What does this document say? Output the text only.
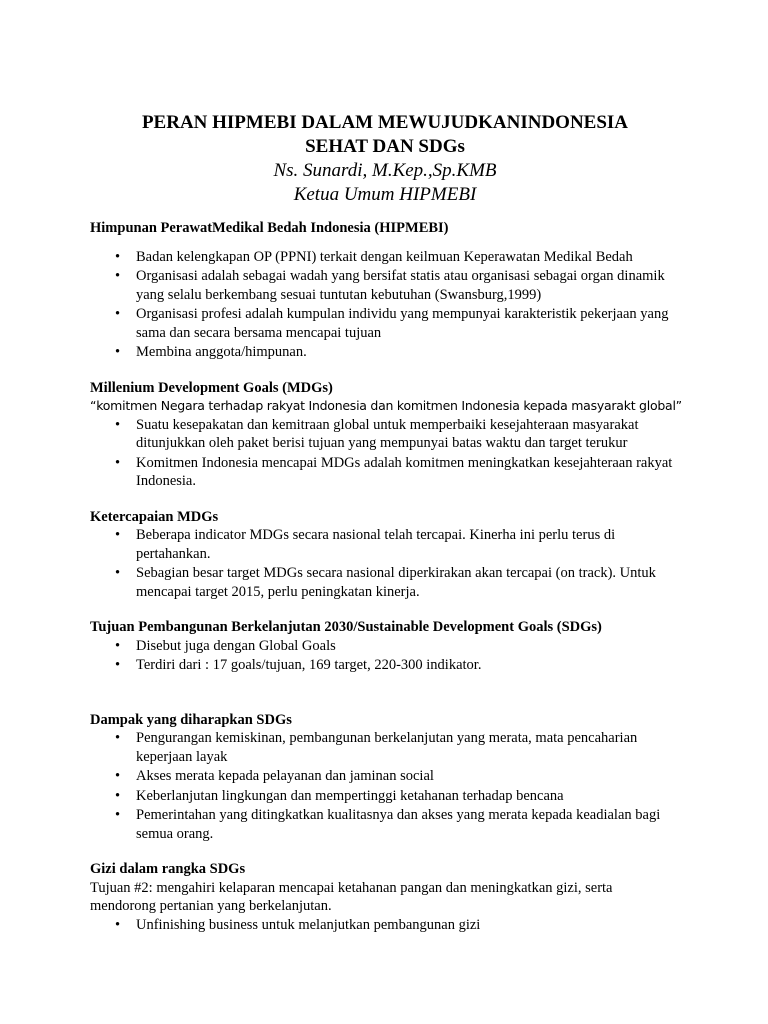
PERAN HIPMEBI DALAM MEWUJUDKANINDONESIA
SEHAT DAN SDGs
Ns. Sunardi, M.Kep.,Sp.KMB
Ketua Umum HIPMEBI
Himpunan PerawatMedikal Bedah Indonesia (HIPMEBI)
• Badan kelengkapan OP (PPNI) terkait dengan keilmuan Keperawatan Medikal Bedah
• Organisasi adalah sebagai wadah yang bersifat statis atau organisasi sebagai organ dinamik yang selalu berkembang sesuai tuntutan kebutuhan (Swansburg,1999)
• Organisasi profesi adalah kumpulan individu yang mempunyai karakteristik pekerjaan yang sama dan secara bersama mencapai tujuan
• Membina anggota/himpunan.
Millenium Development Goals (MDGs)
“komitmen Negara terhadap rakyat Indonesia dan komitmen Indonesia kepada masyarakt global”
• Suatu kesepakatan dan kemitraan global untuk memperbaiki kesejahteraan masyarakat ditunjukkan oleh paket berisi tujuan yang mempunyai batas waktu dan target terukur
• Komitmen Indonesia mencapai MDGs adalah komitmen meningkatkan kesejahteraan rakyat Indonesia.
Ketercapaian MDGs
• Beberapa indicator MDGs secara nasional telah tercapai. Kinerha ini perlu terus di pertahankan.
• Sebagian besar target MDGs secara nasional diperkirakan akan tercapai (on track). Untuk mencapai target 2015, perlu peningkatan kinerja.
Tujuan Pembangunan Berkelanjutan 2030/Sustainable Development Goals (SDGs)
• Disebut juga dengan Global Goals
• Terdiri dari : 17 goals/tujuan, 169 target, 220-300 indikator.
Dampak yang diharapkan SDGs
• Pengurangan kemiskinan, pembangunan berkelanjutan yang merata, mata pencaharian keperjaan layak
• Akses merata kepada pelayanan dan jaminan social
• Keberlanjutan lingkungan dan mempertinggi ketahanan terhadap bencana
• Pemerintahan yang ditingkatkan kualitasnya dan akses yang merata kepada keadialan bagi semua orang.
Gizi dalam rangka SDGs

Tujuan #2: mengahiri kelaparan mencapai ketahanan pangan dan meningkatkan gizi, serta mendorong pertanian yang berkelanjutan.

• Unfinishing business untuk melanjutkan pembangunan gizi
